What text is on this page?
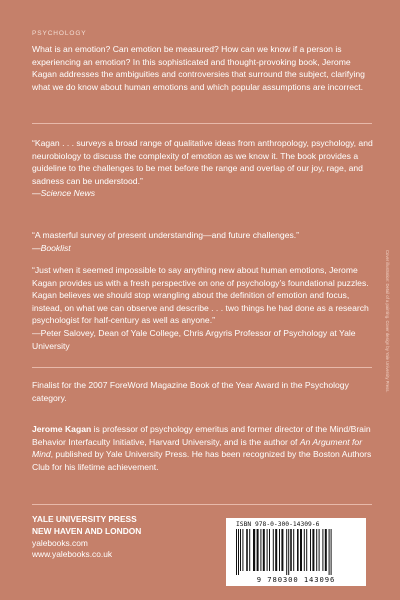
PSYCHOLOGY

What is an emotion? Can emotion be measured? How can we know if a person is experiencing an emotion? In this sophisticated and thought-provoking book, Jerome Kagan addresses the ambiguities and controversies that surround the subject, clarifying what we do know about human emotions and which popular assumptions are incorrect.

“Kagan . . . surveys a broad range of qualitative ideas from anthropology, psychology, and neurobiology to discuss the complexity of emotion as we know it. The book provides a guideline to the challenges to be met before the range and overlap of our joy, rage, and sadness can be understood.”

—Science News

“A masterful survey of present understanding—and future challenges.”

—Booklist

“Just when it seemed impossible to say anything new about human emotions, Jerome Kagan provides us with a fresh perspective on one of psychology’s foundational puzzles. Kagan believes we should stop wrangling about the definition of emotion and focus, instead, on what we can observe and describe . . . two things he had done as a research psychologist for half-century as well as anyone.”

—Peter Salovey, Dean of Yale College, Chris Argyris Professor of Psychology at Yale University

Finalist for the 2007 ForeWord Magazine Book of the Year Award in the Psychology category.

Jerome Kagan is professor of psychology emeritus and former director of the Mind/Brain Behavior Interfaculty Initiative, Harvard University, and is the author of An Argument for Mind, published by Yale University Press. He has been recognized by the Boston Authors Club for his lifetime achievement.

YALE UNIVERSITY PRESS
NEW HAVEN AND LONDON
yalebooks.com
www.yalebooks.co.uk
ISBN 978-0-300-14309-6
9 780300 143096
Cover illustration: Detail of a painting. Cover design by Yale University Press.
